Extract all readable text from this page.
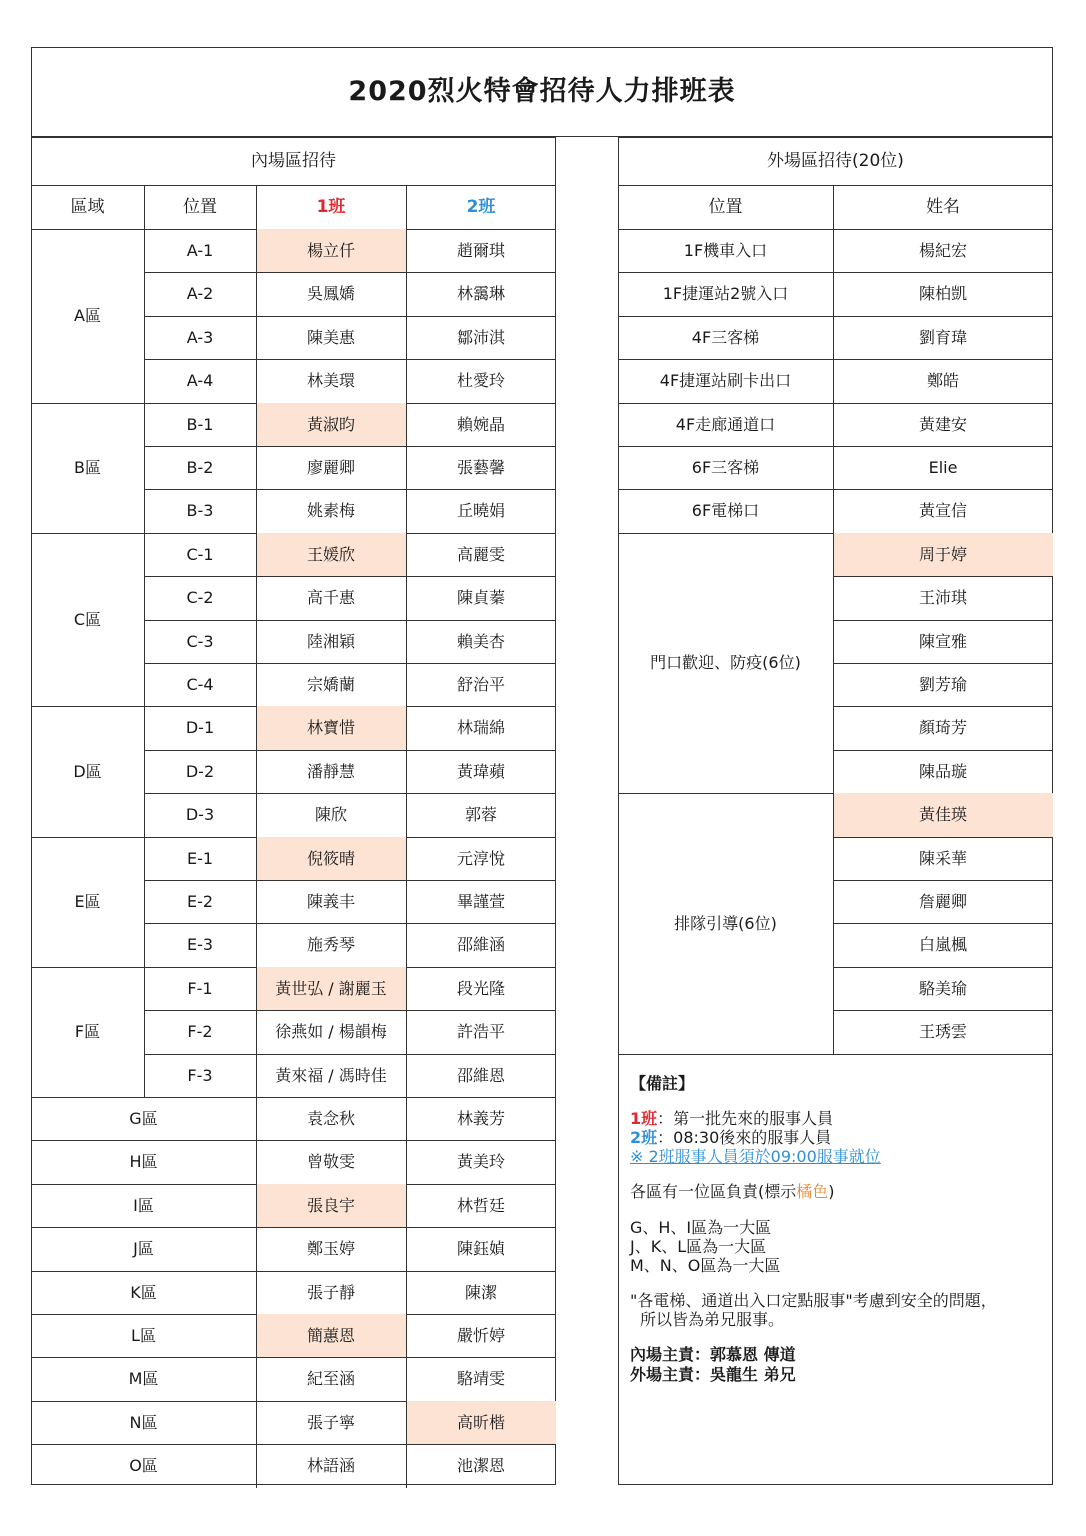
2020烈火特會招待人力排班表
內場區招待
區域	位置	1班	2班
A區
A-1	楊立仟	趙爾琪
A-2	吳鳳嬌	林靄琳
A-3	陳美惠	鄒沛淇
A-4	林美環	杜愛玲
B區
B-1	黃淑昀	賴婉晶
B-2	廖麗卿	張藝馨
B-3	姚素梅	丘曉娟
C區
C-1	王媛欣	高麗雯
C-2	高千惠	陳貞蓁
C-3	陸湘穎	賴美杏
C-4	宗嬌蘭	舒治平
D區
D-1	林寶惜	林瑞綿
D-2	潘靜慧	黃瑋蘋
D-3	陳欣	郭蓉
E區
E-1	倪筱晴	元淳悅
E-2	陳義丰	畢謹萱
E-3	施秀琴	邵維涵
F區
F-1	黃世弘 / 謝麗玉	段光隆
F-2	徐燕如 / 楊韻梅	許浩平
F-3	黃來福 / 馮時佳	邵維恩
G區	袁念秋	林義芳
H區	曾敬雯	黃美玲
I區	張良宇	林哲廷
J區	鄭玉婷	陳鈺媜
K區	張子靜	陳潔
L區	簡蕙恩	嚴忻婷
M區	紀至涵	駱靖雯
N區	張子寧	高昕楷
O區	林語涵	池潔恩
外場區招待(20位)
位置	姓名
1F機車入口	楊紀宏
1F捷運站2號入口	陳柏凱
4F三客梯	劉育瑋
4F捷運站刷卡出口	鄭皓
4F走廊通道口	黃建安
6F三客梯	Elie
6F電梯口	黃宣信
門口歡迎、防疫(6位)
周于婷
王沛琪
陳宣雅
劉芳瑜
顏琦芳
陳品璇
排隊引導(6位)
黃佳瑛
陳采華
詹麗卿
白嵐楓
駱美瑜
王琇雲
【備註】
1班：第一批先來的服事人員
2班：08:30後來的服事人員
※ 2班服事人員須於09:00服事就位
各區有一位區負責(標示橘色)
G、H、I區為一大區
J、K、L區為一大區
M、N、O區為一大區
"各電梯、通道出入口定點服事"考慮到安全的問題，
所以皆為弟兄服事。
內場主責：郭慕恩 傳道
外場主責：吳龍生 弟兄
